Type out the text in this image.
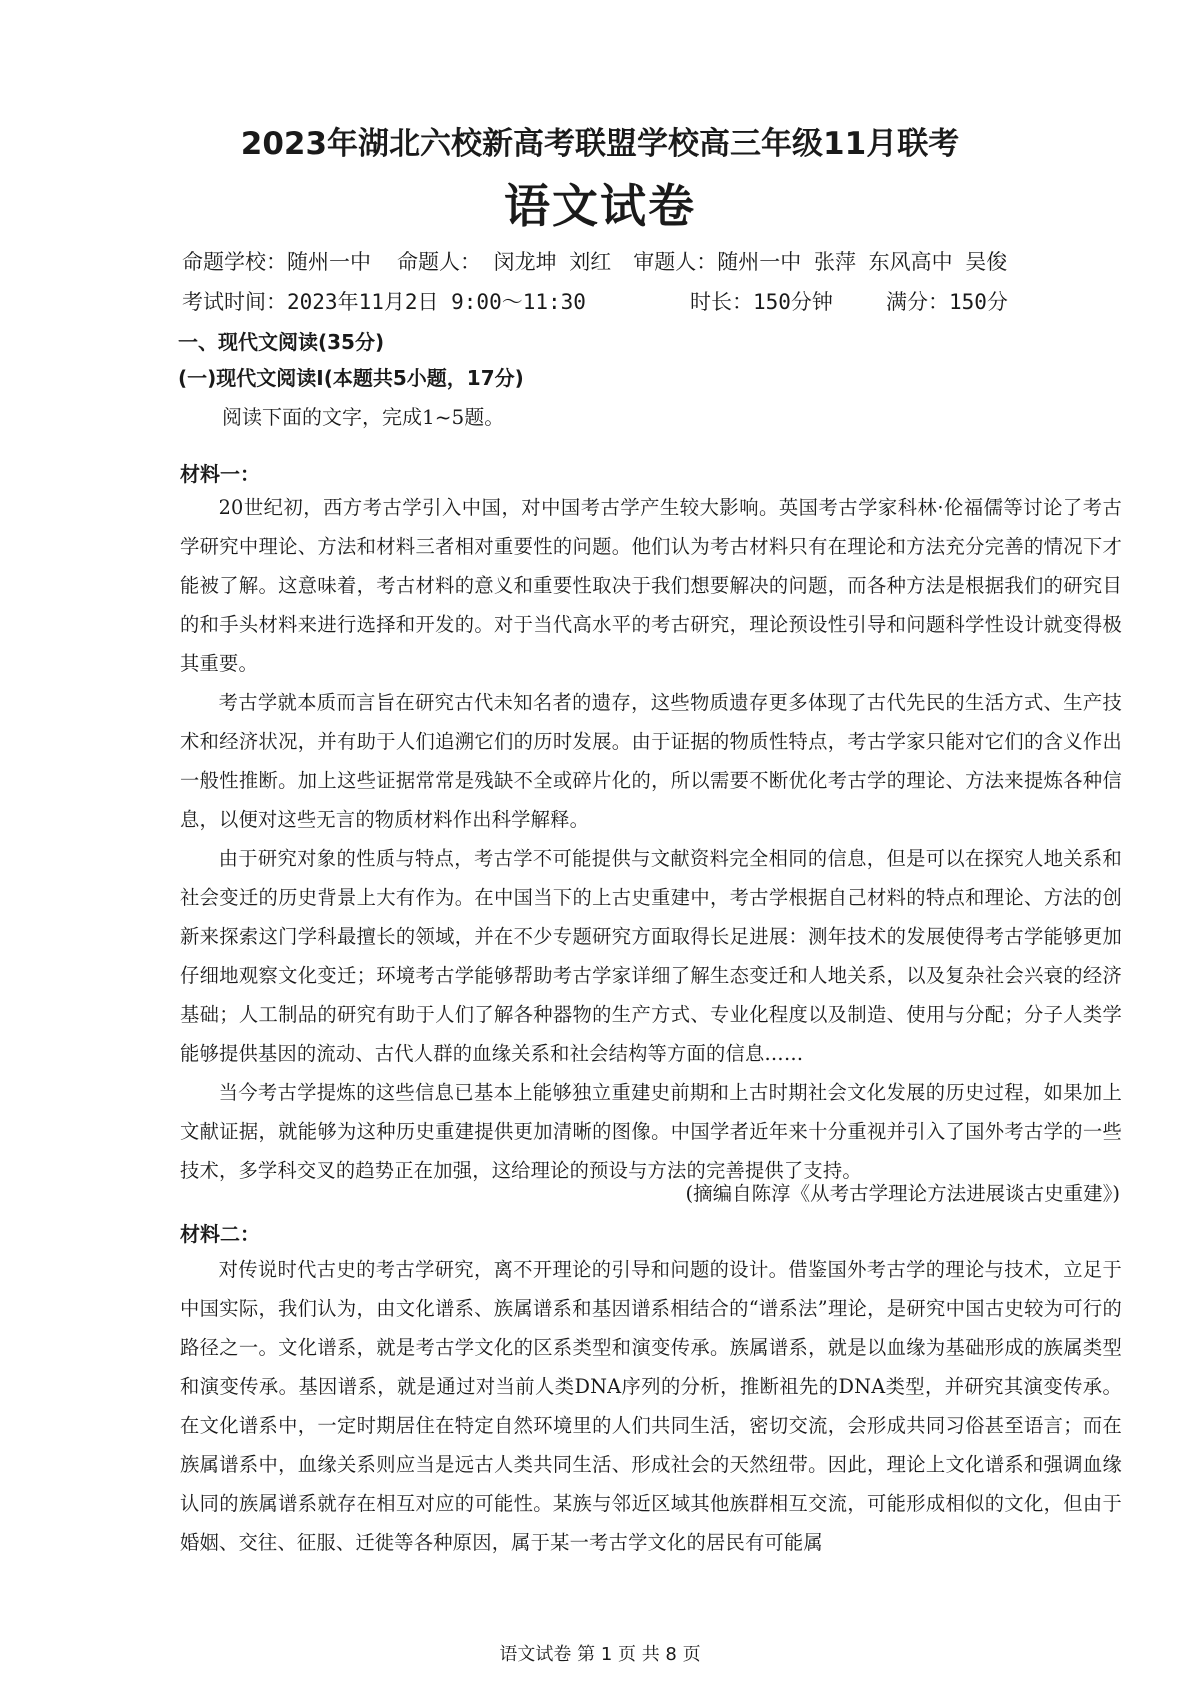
2023年湖北六校新高考联盟学校高三年级11月联考
语文试卷
命题学校：随州一中 命题人： 闵龙坤 刘红 审题人：随州一中 张萍 东风高中 吴俊
考试时间：2023年11月2日 9:00～11:30	时长：150分钟	满分：150分
一、现代文阅读(35分)
(一)现代文阅读Ⅰ(本题共5小题，17分)
阅读下面的文字，完成1~5题。
材料一：

20世纪初，西方考古学引入中国，对中国考古学产生较大影响。英国考古学家科林·伦福儒等讨论了考古学研究中理论、方法和材料三者相对重要性的问题。他们认为考古材料只有在理论和方法充分完善的情况下才能被了解。这意味着，考古材料的意义和重要性取决于我们想要解决的问题，而各种方法是根据我们的研究目的和手头材料来进行选择和开发的。对于当代高水平的考古研究，理论预设性引导和问题科学性设计就变得极其重要。

考古学就本质而言旨在研究古代未知名者的遗存，这些物质遗存更多体现了古代先民的生活方式、生产技术和经济状况，并有助于人们追溯它们的历时发展。由于证据的物质性特点，考古学家只能对它们的含义作出一般性推断。加上这些证据常常是残缺不全或碎片化的，所以需要不断优化考古学的理论、方法来提炼各种信息，以便对这些无言的物质材料作出科学解释。

由于研究对象的性质与特点，考古学不可能提供与文献资料完全相同的信息，但是可以在探究人地关系和社会变迁的历史背景上大有作为。在中国当下的上古史重建中，考古学根据自己材料的特点和理论、方法的创新来探索这门学科最擅长的领域，并在不少专题研究方面取得长足进展：测年技术的发展使得考古学能够更加仔细地观察文化变迁；环境考古学能够帮助考古学家详细了解生态变迁和人地关系，以及复杂社会兴衰的经济基础；人工制品的研究有助于人们了解各种器物的生产方式、专业化程度以及制造、使用与分配；分子人类学能够提供基因的流动、古代人群的血缘关系和社会结构等方面的信息……

当今考古学提炼的这些信息已基本上能够独立重建史前期和上古时期社会文化发展的历史过程，如果加上文献证据，就能够为这种历史重建提供更加清晰的图像。中国学者近年来十分重视并引入了国外考古学的一些技术，多学科交叉的趋势正在加强，这给理论的预设与方法的完善提供了支持。

(摘编自陈淳《从考古学理论方法进展谈古史重建》)
材料二：

对传说时代古史的考古学研究，离不开理论的引导和问题的设计。借鉴国外考古学的理论与技术，立足于中国实际，我们认为，由文化谱系、族属谱系和基因谱系相结合的“谱系法”理论，是研究中国古史较为可行的路径之一。文化谱系，就是考古学文化的区系类型和演变传承。族属谱系，就是以血缘为基础形成的族属类型和演变传承。基因谱系，就是通过对当前人类DNA序列的分析，推断祖先的DNA类型，并研究其演变传承。在文化谱系中，一定时期居住在特定自然环境里的人们共同生活，密切交流，会形成共同习俗甚至语言；而在族属谱系中，血缘关系则应当是远古人类共同生活、形成社会的天然纽带。因此，理论上文化谱系和强调血缘认同的族属谱系就存在相互对应的可能性。某族与邻近区域其他族群相互交流，可能形成相似的文化，但由于婚姻、交往、征服、迁徙等各种原因，属于某一考古学文化的居民有可能属

语文试卷 第 1 页 共 8 页
